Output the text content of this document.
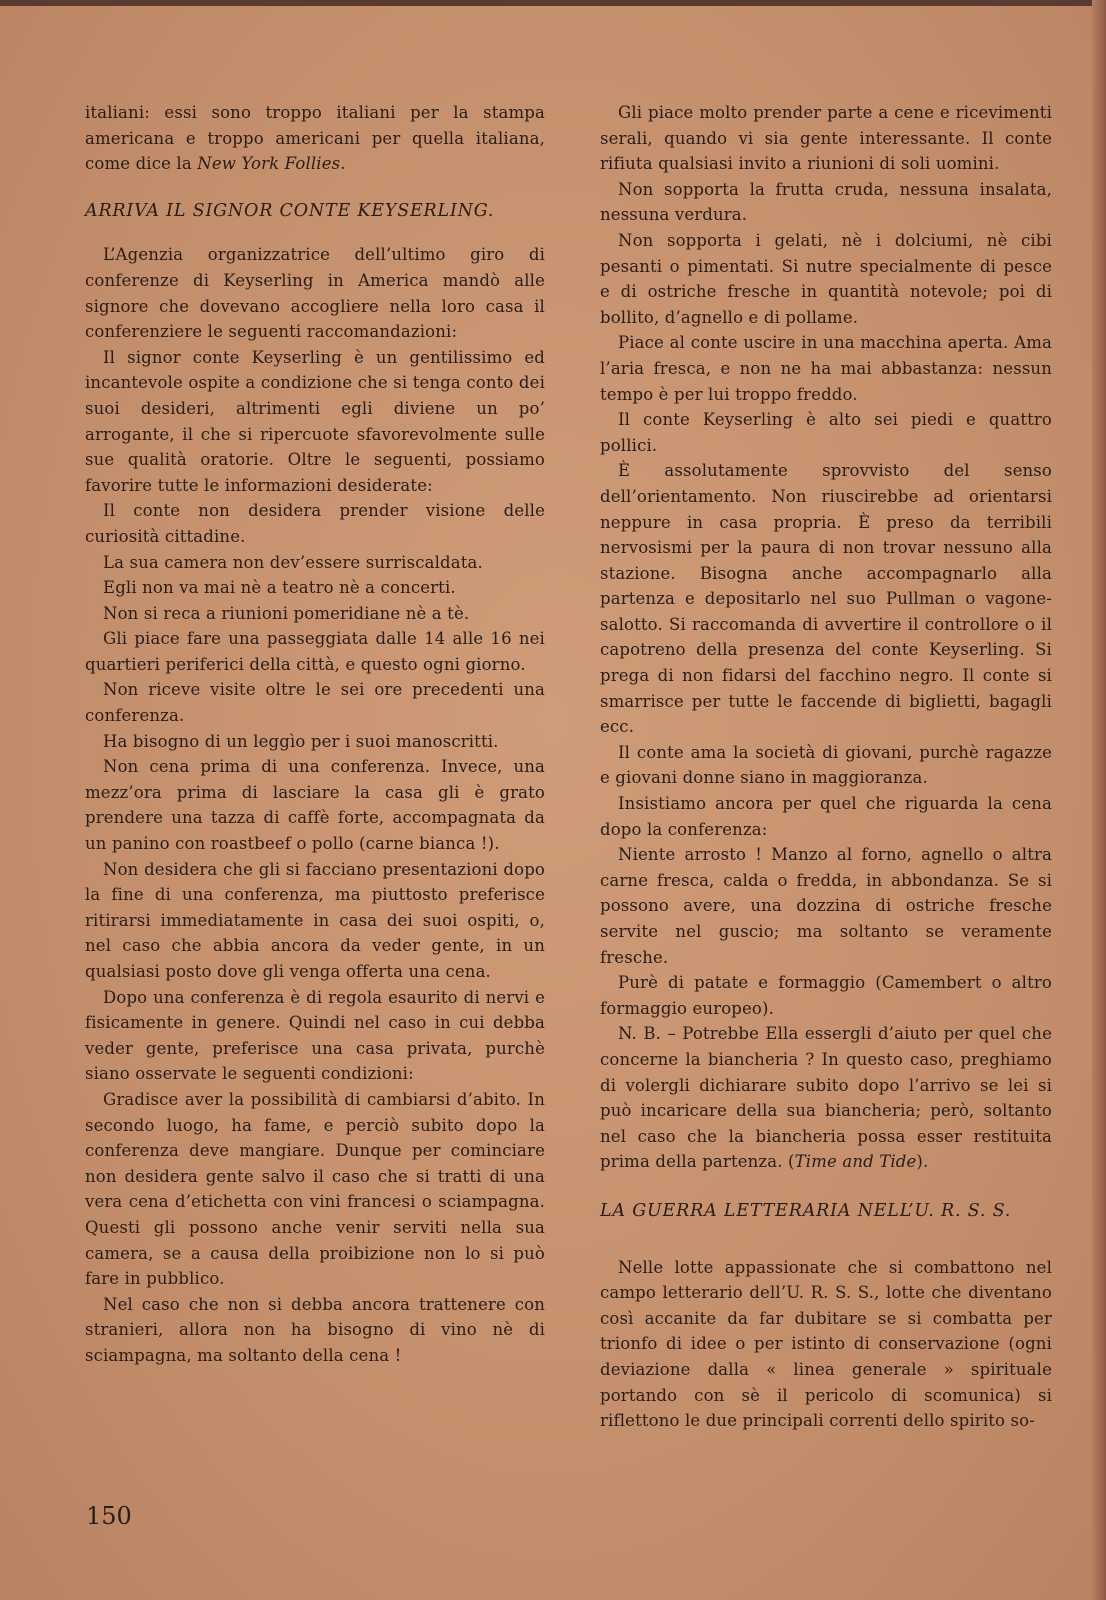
italiani: essi sono troppo italiani per la stampa americana e troppo americani per quella italiana, come dice la New York Follies.

ARRIVA IL SIGNOR CONTE KEYSERLING.

L’Agenzia organizzatrice dell’ultimo giro di conferenze di Keyserling in America mandò alle signore che dovevano accogliere nella loro casa il conferenziere le seguenti raccomandazioni:

Il signor conte Keyserling è un gentilissimo ed incantevole ospite a condizione che si tenga conto dei suoi desideri, altrimenti egli diviene un po’ arrogante, il che si ripercuote sfavorevolmente sulle sue qualità oratorie. Oltre le seguenti, possiamo favorire tutte le informazioni desiderate:

Il conte non desidera prender visione delle curiosità cittadine.

La sua camera non dev’essere surriscaldata.

Egli non va mai nè a teatro nè a concerti.

Non si reca a riunioni pomeridiane nè a tè.

Gli piace fare una passeggiata dalle 14 alle 16 nei quartieri periferici della città, e questo ogni giorno.

Non riceve visite oltre le sei ore precedenti una conferenza.

Ha bisogno di un leggìo per i suoi manoscritti.

Non cena prima di una conferenza. Invece, una mezz’ora prima di lasciare la casa gli è grato prendere una tazza di caffè forte, accompagnata da un panino con roastbeef o pollo (carne bianca !).

Non desidera che gli si facciano presentazioni dopo la fine di una conferenza, ma piuttosto preferisce ritirarsi immediatamente in casa dei suoi ospiti, o, nel caso che abbia ancora da veder gente, in un qualsiasi posto dove gli venga offerta una cena.

Dopo una conferenza è di regola esaurito di nervi e fisicamente in genere. Quindi nel caso in cui debba veder gente, preferisce una casa privata, purchè siano osservate le seguenti condizioni:

Gradisce aver la possibilità di cambiarsi d’abito. In secondo luogo, ha fame, e perciò subito dopo la conferenza deve mangiare. Dunque per cominciare non desidera gente salvo il caso che si tratti di una vera cena d’etichetta con vini francesi o sciampagna. Questi gli possono anche venir serviti nella sua camera, se a causa della proibizione non lo si può fare in pubblico.

Nel caso che non si debba ancora trattenere con stranieri, allora non ha bisogno di vino nè di sciampagna, ma soltanto della cena !

Gli piace molto prender parte a cene e ricevimenti serali, quando vi sia gente interessante. Il conte rifiuta qualsiasi invito a riunioni di soli uomini.

Non sopporta la frutta cruda, nessuna insalata, nessuna verdura.

Non sopporta i gelati, nè i dolciumi, nè cibi pesanti o pimentati. Si nutre specialmente di pesce e di ostriche fresche in quantità notevole; poi di bollito, d’agnello e di pollame.

Piace al conte uscire in una macchina aperta. Ama l’aria fresca, e non ne ha mai abbastanza: nessun tempo è per lui troppo freddo.

Il conte Keyserling è alto sei piedi e quattro pollici.

È assolutamente sprovvisto del senso dell’orientamento. Non riuscirebbe ad orientarsi neppure in casa propria. È preso da terribili nervosismi per la paura di non trovar nessuno alla stazione. Bisogna anche accompagnarlo alla partenza e depositarlo nel suo Pullman o vagone-salotto. Si raccomanda di avvertire il controllore o il capotreno della presenza del conte Keyserling. Si prega di non fidarsi del facchino negro. Il conte si smarrisce per tutte le faccende di biglietti, bagagli ecc.

Il conte ama la società di giovani, purchè ragazze e giovani donne siano in maggioranza.

Insistiamo ancora per quel che riguarda la cena dopo la conferenza:

Niente arrosto ! Manzo al forno, agnello o altra carne fresca, calda o fredda, in abbondanza. Se si possono avere, una dozzina di ostriche fresche servite nel guscio; ma soltanto se veramente fresche.

Purè di patate e formaggio (Camembert o altro formaggio europeo).

N. B. – Potrebbe Ella essergli d’aiuto per quel che concerne la biancheria ? In questo caso, preghiamo di volergli dichiarare subito dopo l’arrivo se lei si può incaricare della sua biancheria; però, soltanto nel caso che la biancheria possa esser restituita prima della partenza. (Time and Tide).

LA GUERRA LETTERARIA NELL’U. R. S. S.

Nelle lotte appassionate che si combattono nel campo letterario dell’U. R. S. S., lotte che diventano così accanite da far dubitare se si combatta per trionfo di idee o per istinto di conservazione (ogni deviazione dalla « linea generale » spirituale portando con sè il pericolo di scomunica) si riflettono le due principali correnti dello spirito so-

150
